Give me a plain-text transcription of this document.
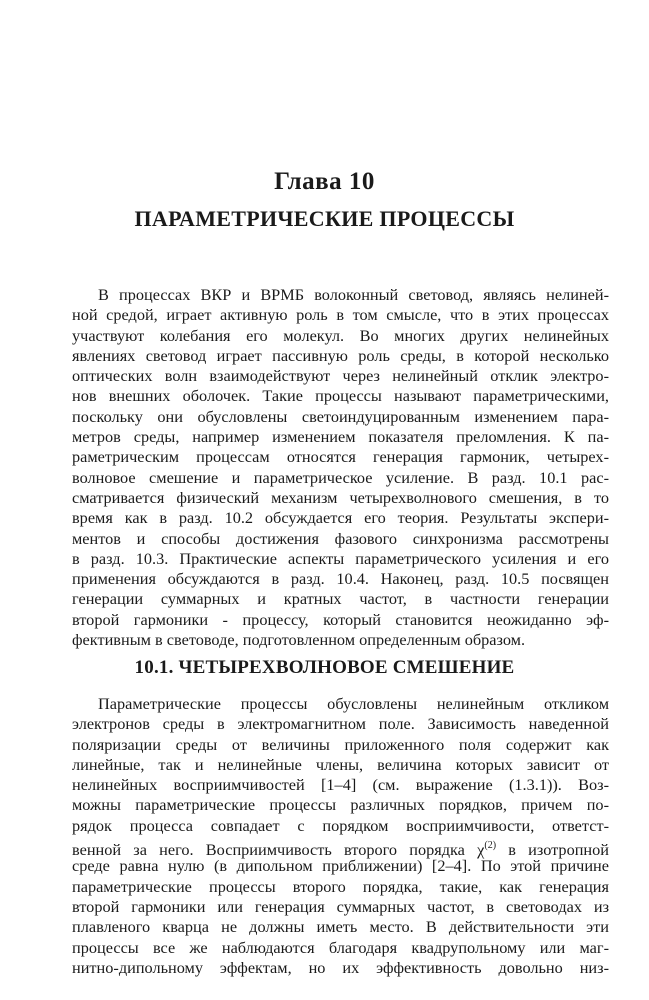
Глава 10
ПАРАМЕТРИЧЕСКИЕ ПРОЦЕССЫ
В процессах ВКР и ВРМБ волоконный световод, являясь нелиней-
ной средой, играет активную роль в том смысле, что в этих процессах
участвуют колебания его молекул. Во многих других нелинейных
явлениях световод играет пассивную роль среды, в которой несколько
оптических волн взаимодействуют через нелинейный отклик электро-
нов внешних оболочек. Такие процессы называют параметрическими,
поскольку они обусловлены светоиндуцированным изменением пара-
метров среды, например изменением показателя преломления. К па-
раметрическим процессам относятся генерация гармоник, четырех-
волновое смешение и параметрическое усиление. В разд. 10.1 рас-
сматривается физический механизм четырехволнового смешения, в то
время как в разд. 10.2 обсуждается его теория. Результаты экспери-
ментов и способы достижения фазового синхронизма рассмотрены
в разд. 10.3. Практические аспекты параметрического усиления и его
применения обсуждаются в разд. 10.4. Наконец, разд. 10.5 посвящен
генерации суммарных и кратных частот, в частности генерации
второй гармоники - процессу, который становится неожиданно эф-
фективным в световоде, подготовленном определенным образом.
10.1. ЧЕТЫРЕХВОЛНОВОЕ СМЕШЕНИЕ
Параметрические процессы обусловлены нелинейным откликом
электронов среды в электромагнитном поле. Зависимость наведенной
поляризации среды от величины приложенного поля содержит как
линейные, так и нелинейные члены, величина которых зависит от
нелинейных восприимчивостей [1–4] (см. выражение (1.3.1)). Воз-
можны параметрические процессы различных порядков, причем по-
рядок процесса совпадает с порядком восприимчивости, ответст-
венной за него. Восприимчивость второго порядка $\chi^{(2)}$ в изотропной
среде равна нулю (в дипольном приближении) [2–4]. По этой причине
параметрические процессы второго порядка, такие, как генерация
второй гармоники или генерация суммарных частот, в световодах из
плавленого кварца не должны иметь место. В действительности эти
процессы все же наблюдаются благодаря квадрупольному или маг-
нитно-дипольному эффектам, но их эффективность довольно низ-
